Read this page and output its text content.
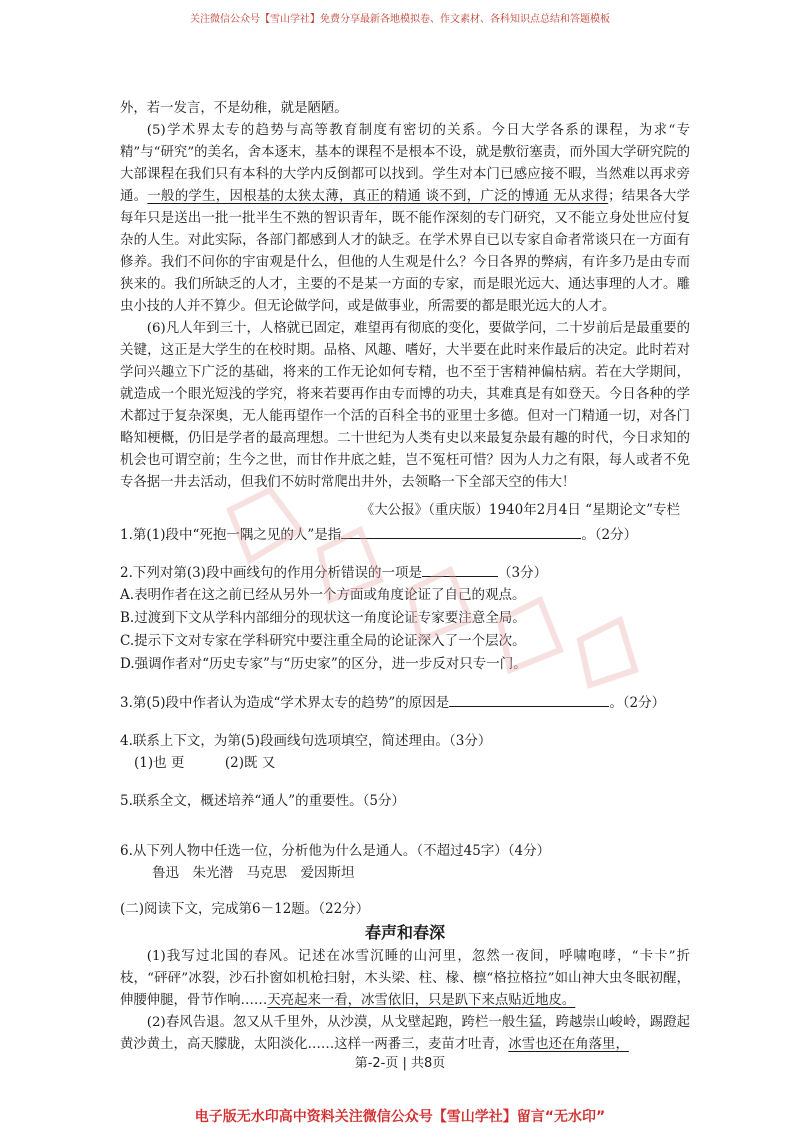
关注微信公众号【雪山学社】免费分享最新各地模拟卷、作文素材、各科知识点总结和答题模板

外，若一发言，不是幼稚，就是陋陋。

(5)学术界太专的趋势与高等教育制度有密切的关系。今日大学各系的课程，为求“专精”与“研究”的美名，舍本逐末，基本的课程不是根本不设，就是敷衍塞责，而外国大学研究院的大部课程在我们只有本科的大学内反倒都可以找到。学生对本门已感应接不暇，当然难以再求旁通。一般的学生，因根基的太狭太薄，真正的精通 谈不到，广泛的博通 无从求得；结果各大学每年只是送出一批一批半生不熟的智识青年，既不能作深刻的专门研究，又不能立身处世应付复杂的人生。对此实际，各部门都感到人才的缺乏。在学术界自已以专家自命者常谈只在一方面有修养。我们不问你的宇宙观是什么，但他的人生观是什么？今日各界的弊病，有许多乃是由专而狭来的。我们所缺乏的人才，主要的不是某一方面的专家，而是眼光远大、通达事理的人才。雕虫小技的人并不算少。但无论做学问，或是做事业，所需要的都是眼光远大的人才。

(6)凡人年到三十，人格就已固定，难望再有彻底的变化，要做学问，二十岁前后是最重要的关键，这正是大学生的在校时期。品格、风趣、嗜好，大半要在此时来作最后的决定。此时若对学问兴趣立下广泛的基础，将来的工作无论如何专精，也不至于害精神偏枯病。若在大学期间，就造成一个眼光短浅的学究，将来若要再作由专而博的功夫，其难真是有如登天。今日各种的学术都过于复杂深奥，无人能再望作一个活的百科全书的亚里士多德。但对一门精通一切，对各门略知梗概，仍旧是学者的最高理想。二十世纪为人类有史以来最复杂最有趣的时代，今日求知的机会也可谓空前；生今之世，而甘作井底之蛙，岂不冤枉可惜？因为人力之有限，每人或者不免专各据一井去活动，但我们不妨时常爬出井外，去领略一下全部天空的伟大！

《大公报》（重庆版）1940年2月4日 “星期论文”专栏

1.第(1)段中“死抱一隅之见的人”是指	。（2分）

2.下列对第(3)段中画线句的作用分析错误的一项是	（3分）

A.表明作者在这之前已经从另外一个方面或角度论证了自己的观点。

B.过渡到下文从学科内部细分的现状这一角度论证专家要注意全局。

C.提示下文对专家在学科研究中要注重全局的论证深入了一个层次。

D.强调作者对“历史专家”与“历史家”的区分，进一步反对只专一门。

3.第(5)段中作者认为造成“学术界太专的趋势”的原因是	。（2分）

4.联系上下文，为第(5)段画线句选项填空，简述理由。（3分）

(1)也 更　　　(2)既 又

5.联系全文，概述培养“通人”的重要性。（5分）

6.从下列人物中任选一位，分析他为什么是通人。（不超过45字）（4分）

鲁迅　朱光潜　马克思　爱因斯坦

(二)阅读下文，完成第6－12题。（22分）

春声和春深

(1)我写过北国的春风。记述在冰雪沉睡的山河里，忽然一夜间，呼啸咆哮，“卡卡”折枝，“砰砰”冰裂，沙石扑窗如机枪扫射，木头梁、柱、椽、檩“格拉格拉”如山神大虫冬眠初醒，伸腰伸腿，骨节作响……天亮起来一看，冰雪依旧，只是趴下来点贴近地皮。

(2)春风告退。忽又从千里外，从沙漠，从戈壁起跑，跨栏一般生猛，跨越崇山峻岭，踢蹬起黄沙黄土，高天朦胧，太阳淡化……这样一两番三，麦苗才吐青，冰雪也还在角落里，

第-2-页 | 共8页
电子版无水印高中资料关注微信公众号【雪山学社】留言“无水印”
